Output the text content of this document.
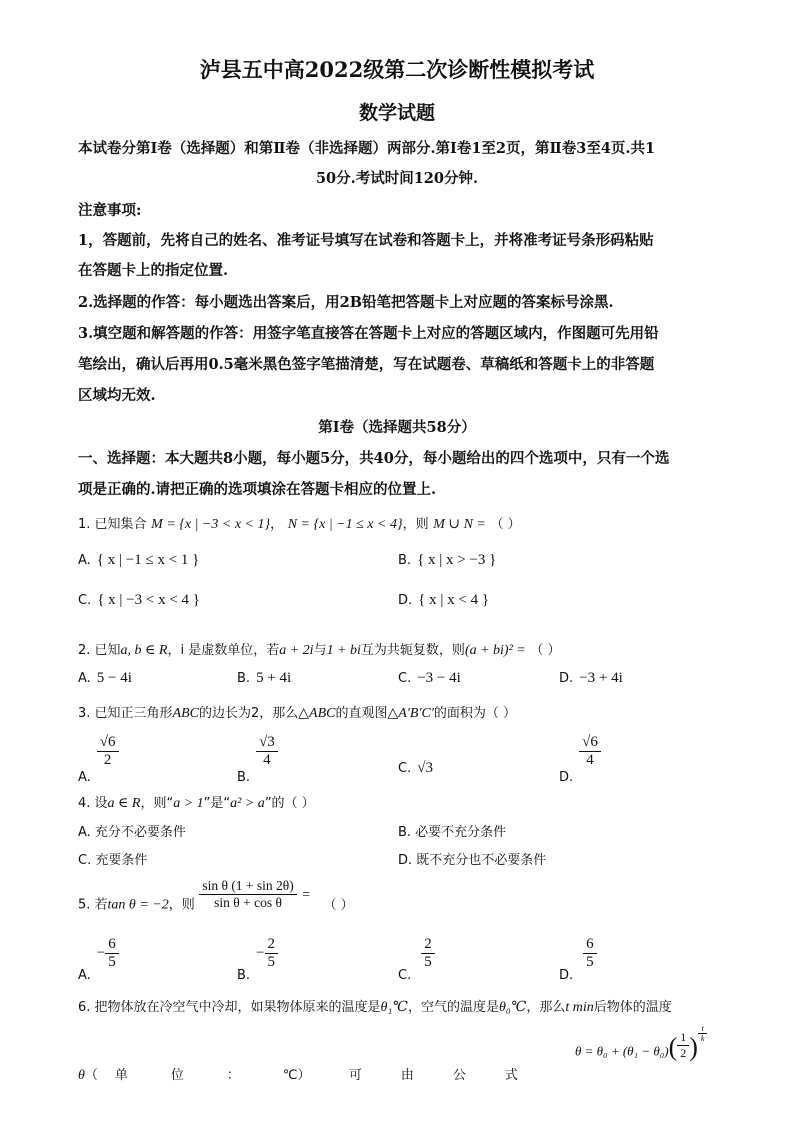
泸县五中高2022级第二次诊断性模拟考试
数学试题
本试卷分第Ⅰ卷（选择题）和第Ⅱ卷（非选择题）两部分.第Ⅰ卷1至2页，第Ⅱ卷3至4页.共1
50分.考试时间120分钟.
注意事项:
1，答题前，先将自己的姓名、准考证号填写在试卷和答题卡上，并将准考证号条形码粘贴
在答题卡上的指定位置.
2.选择题的作答：每小题选出答案后，用2B铅笔把答题卡上对应题的答案标号涂黑.
3.填空题和解答题的作答：用签字笔直接答在答题卡上对应的答题区域内，作图题可先用铅
笔绘出，确认后再用0.5毫米黑色签字笔描清楚，写在试题卷、草稿纸和答题卡上的非答题
区域均无效.
第Ⅰ卷（选择题共58分）
一、选择题：本大题共8小题，每小题5分，共40分，每小题给出的四个选项中，只有一个选
项是正确的.请把正确的选项填涂在答题卡相应的位置上.
1. 已知集合 M = {x | −3 < x < 1}， N = {x | −1 ≤ x < 4}，则 M ∪ N = （ ）
A. { x | −1 ≤ x < 1 }	B. { x | x > −3 }
C. { x | −3 < x < 4 }	D. { x | x < 4 }
2. 已知a, b ∈ R，i 是虚数单位，若a + 2i与1 + bi互为共轭复数，则(a + bi)² = （ ）
A. 5 − 4i	B. 5 + 4i	C. −3 − 4i	D. −3 + 4i
3. 已知正三角形ABC的边长为2，那么△ABC的直观图△A′B′C′的面积为（ ）
A.
$\frac{√6}{2}$
B.
$\frac{√3}{4}$	C. √3
D.
$\frac{√6}{4}$
4. 设a ∈ R，则“a > 1”是“a² > a”的（ ）
A. 充分不必要条件	B. 必要不充分条件
C. 充要条件	D. 既不充分也不必要条件
5. 若tan θ = −2，则 $\frac{\text{sin θ (1 + sin 2θ)}}{\text{sin θ + cos θ}}$ = （ ）
$A.- \frac{6}{5}$
$B.- \frac{2}{5}$
C.
$\frac{2}{5}$
D.
$\frac{6}{5}$
6. 把物体放在冷空气中冷却，如果物体原来的温度是θ₁℃，空气的温度是θ₀℃，那么t min后物体的温度
$\theta = \theta_0 + (\theta_1 - \theta_0)( \frac{1}{2}$ ) $\frac{t}{k}$
θ（ 单	位	：	℃）	可	由	公	式
